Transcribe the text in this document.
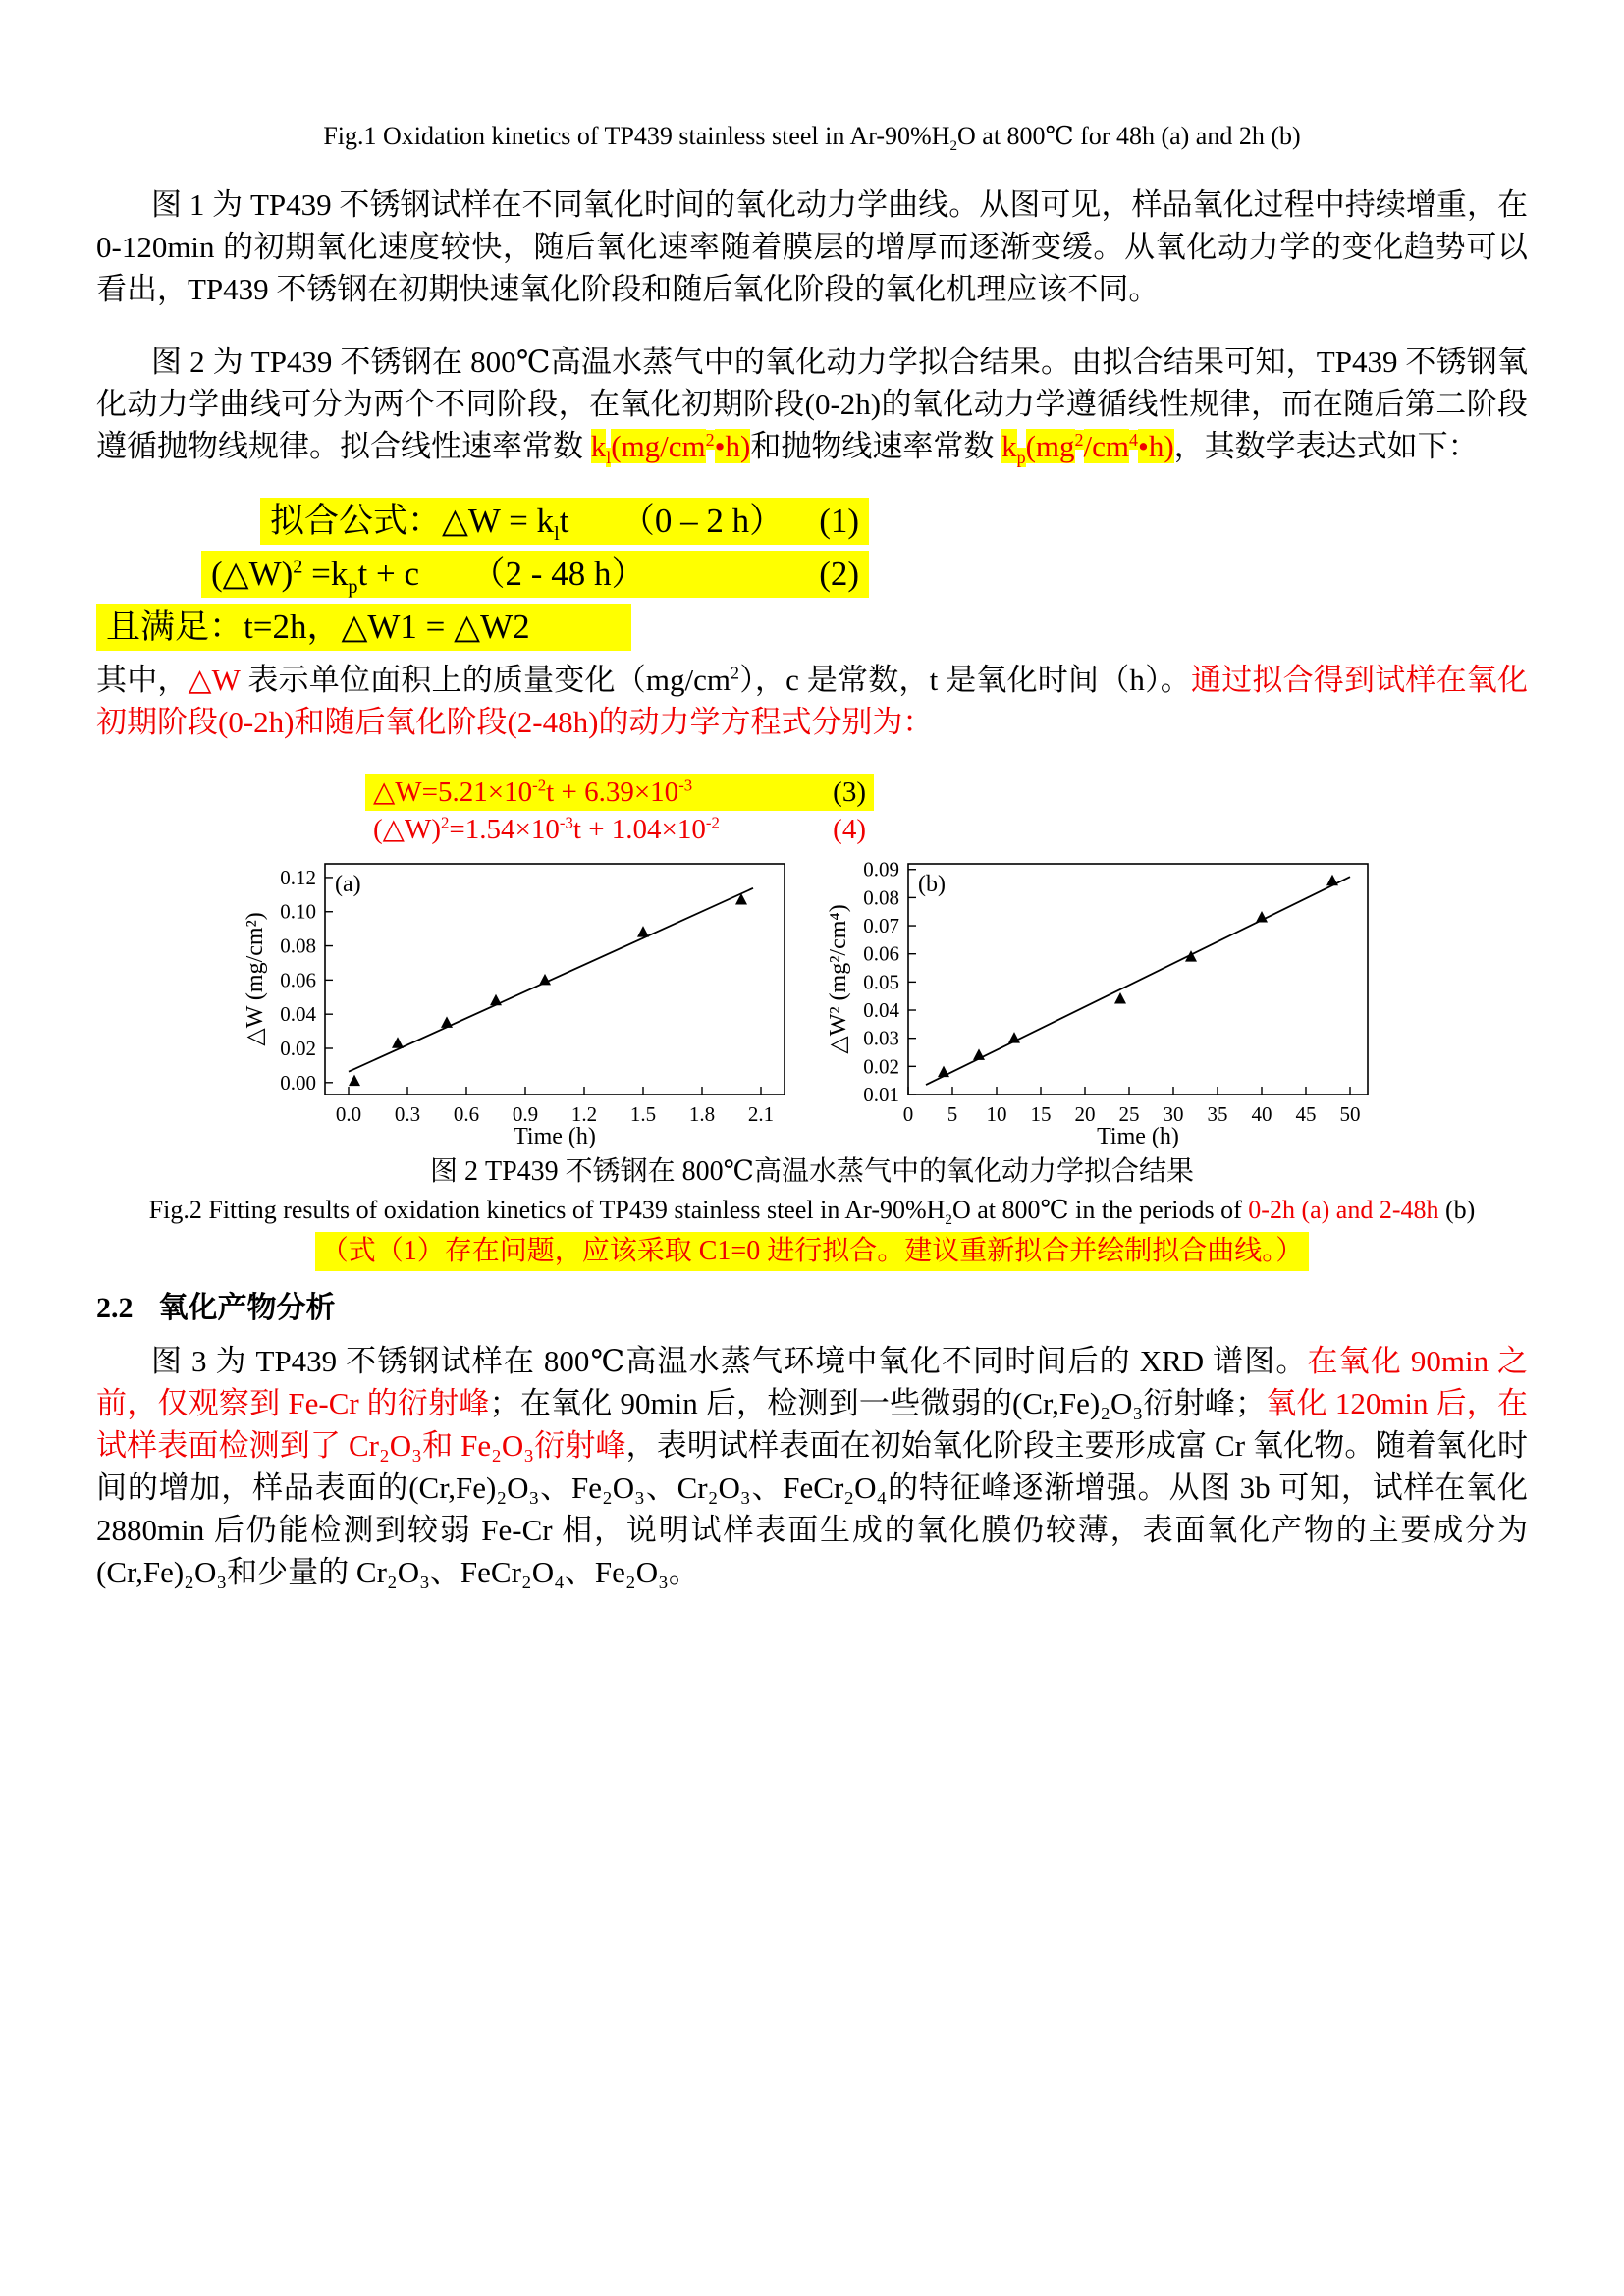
Fig.1 Oxidation kinetics of TP439 stainless steel in $Ar-90\%H_2O$ at 800℃ for 48h (a) and 2h (b)

图 1 为 TP439 不锈钢试样在不同氧化时间的氧化动力学曲线。从图可见，样品氧化过程中持续增重，在 0-120min 的初期氧化速度较快，随后氧化速率随着膜层的增厚而逐渐变缓。从氧化动力学的变化趋势可以看出，TP439 不锈钢在初期快速氧化阶段和随后氧化阶段的氧化机理应该不同。

图 2 为 TP439 不锈钢在 800℃高温水蒸气中的氧化动力学拟合结果。由拟合结果可知，TP439 不锈钢氧化动力学曲线可分为两个不同阶段，在氧化初期阶段(0-2h)的氧化动力学遵循线性规律，而在随后第二阶段遵循抛物线规律。拟合线性速率常数 $k_l(mg/cm^2•h)$和抛物线速率常数 $k_p(mg^2/cm^4•h)$，其数学表达式如下：

拟合公式：△W = $k_lt$　　（0 – 2 h） (1)
(△W)$^2$ $=k_pt + c$　　（2 - 48 h）	(2)
且满足：t=2h，△W1 = △W2

其中，△W 表示单位面积上的质量变化$(mg/cm^2)$，c 是常数，t 是氧化时间（h）。通过拟合得到试样在氧化初期阶段(0-2h)和随后氧化阶段(2-48h)的动力学方程式分别为：

$\triangle W=5.21\times 10^{-2}t + 6.39\times 10^{-3}$	(3)
$(\triangle W)^2=1.54\times 10^{-3}t + 1.04\times 10^{-2}$	(4)
0.0 0.3 0.6 0.9 1.2 1.5 1.8 2.1
0.00
0.02
0.04
0.06
0.08
0.10
0.12
Time (h)
△W (mg/cm²)
(a)
0 5 10 15 20 25 30 35 40 45 50
0.01
0.02
0.03
0.04
0.05
0.06
0.07
0.08
0.09
Time (h)
△W² (mg²/cm⁴)
(b)
图 2 TP439 不锈钢在 800℃高温水蒸气中的氧化动力学拟合结果
Fig.2 Fitting results of oxidation kinetics of TP439 stainless steel in $Ar-90\%H_2O$ at 800℃ in the periods of 0-2h (a) and 2-48h (b)
（式（1）存在问题，应该采取 C1=0 进行拟合。建议重新拟合并绘制拟合曲线。）
2.2 氧化产物分析

图 3 为 TP439 不锈钢试样在 800℃高温水蒸气环境中氧化不同时间后的 XRD 谱图。在氧化 90min 之前，仅观察到 Fe-Cr 的衍射峰；在氧化 90min 后，检测到一些微弱的(Cr,Fe)₂O₃衍射峰；氧化 120min 后，在试样表面检测到了 Cr₂O₃和 Fe₂O₃衍射峰，表明试样表面在初始氧化阶段主要形成富 Cr 氧化物。随着氧化时间的增加，样品表面的(Cr,Fe)₂O₃、Fe₂O₃、Cr₂O₃、FeCr₂O₄的特征峰逐渐增强。从图 3b 可知，试样在氧化 2880min 后仍能检测到较弱 Fe-Cr 相，说明试样表面生成的氧化膜仍较薄，表面氧化产物的主要成分为(Cr,Fe)₂O₃和少量的 Cr₂O₃、FeCr₂O₄、Fe₂O₃。
